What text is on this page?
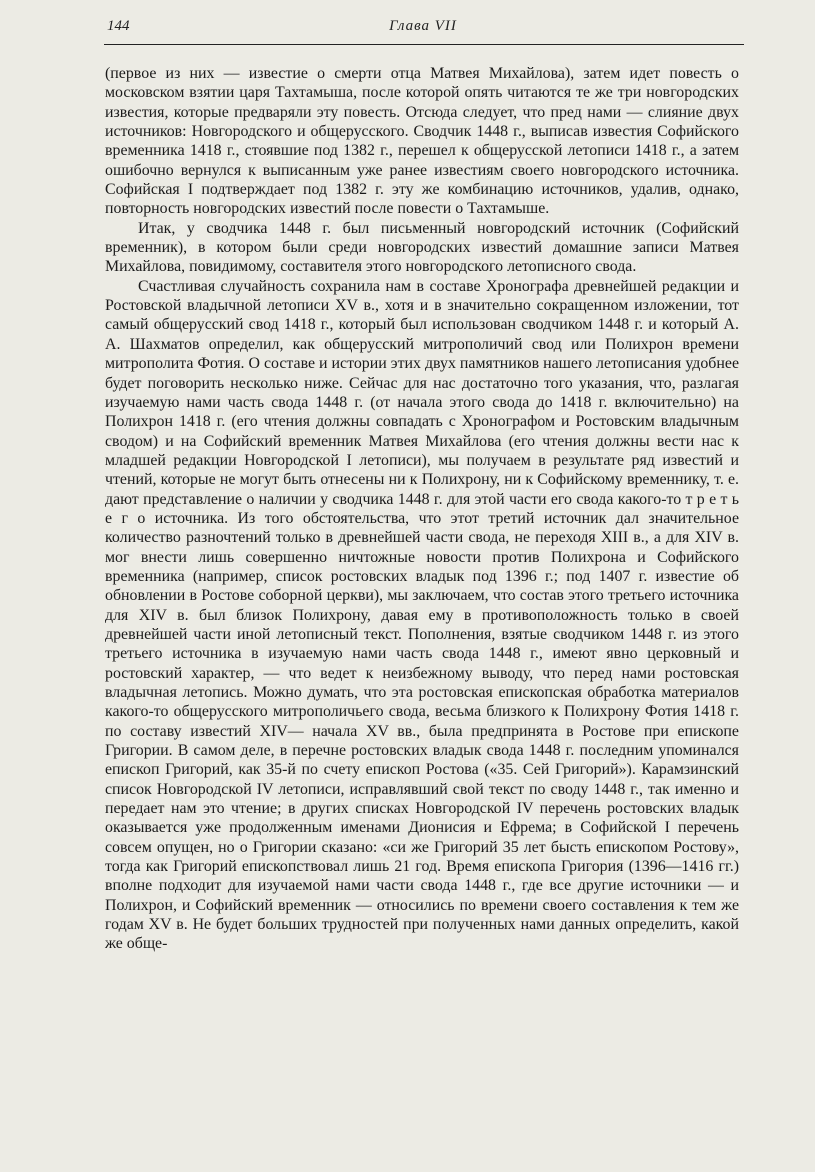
144	Глава VII

(первое из них — известие о смерти отца Матвея Михайлова), затем идет повесть о московском взятии царя Тахтамыша, после которой опять читаются те же три новгородских известия, которые предваряли эту повесть. Отсюда следует, что пред нами — слияние двух источников: Новгородского и общерусского. Сводчик 1448 г., выписав известия Софийского временника 1418 г., стоявшие под 1382 г., перешел к общерусской летописи 1418 г., а затем ошибочно вернулся к выписанным уже ранее известиям своего новгородского источника. Софийская I подтверждает под 1382 г. эту же комбинацию источников, удалив, однако, повторность новгородских известий после повести о Тахтамыше.

Итак, у сводчика 1448 г. был письменный новгородский источник (Софийский временник), в котором были среди новгородских известий домашние записи Матвея Михайлова, повидимому, составителя этого новгородского летописного свода.

Счастливая случайность сохранила нам в составе Хронографа древнейшей редакции и Ростовской владычной летописи XV в., хотя и в значительно сокращенном изложении, тот самый общерусский свод 1418 г., который был использован сводчиком 1448 г. и который А. А. Шахматов определил, как общерусский митрополичий свод или Полихрон времени митрополита Фотия. О составе и истории этих двух памятников нашего летописания удобнее будет поговорить несколько ниже. Сейчас для нас достаточно того указания, что, разлагая изучаемую нами часть свода 1448 г. (от начала этого свода до 1418 г. включительно) на Полихрон 1418 г. (его чтения должны совпадать с Хронографом и Ростовским владычным сводом) и на Софийский временник Матвея Михайлова (его чтения должны вести нас к младшей редакции Новгородской I летописи), мы получаем в результате ряд известий и чтений, которые не могут быть отнесены ни к Полихрону, ни к Софийскому временнику, т. е. дают представление о наличии у сводчика 1448 г. для этой части его свода какого-то т р е т ь е г о источника. Из того обстоятельства, что этот третий источник дал значительное количество разночтений только в древнейшей части свода, не переходя XIII в., а для XIV в. мог внести лишь совершенно ничтожные новости против Полихрона и Софийского временника (например, список ростовских владык под 1396 г.; под 1407 г. известие об обновлении в Ростове соборной церкви), мы заключаем, что состав этого третьего источника для XIV в. был близок Полихрону, давая ему в противоположность только в своей древнейшей части иной летописный текст. Пополнения, взятые сводчиком 1448 г. из этого третьего источника в изучаемую нами часть свода 1448 г., имеют явно церковный и ростовский характер, — что ведет к неизбежному выводу, что перед нами ростовская владычная летопись. Можно думать, что эта ростовская епископская обработка материалов какого-то общерусского митрополичьего свода, весьма близкого к Полихрону Фотия 1418 г. по составу известий XIV— начала XV вв., была предпринята в Ростове при епископе Григории. В самом деле, в перечне ростовских владык свода 1448 г. последним упоминался епископ Григорий, как 35-й по счету епископ Ростова («35. Сей Григорий»). Карамзинский список Новгородской IV летописи, исправлявший свой текст по своду 1448 г., так именно и передает нам это чтение; в других списках Новгородской IV перечень ростовских владык оказывается уже продолженным именами Дионисия и Ефрема; в Софийской I перечень совсем опущен, но о Григории сказано: «си же Григорий 35 лет бысть епископом Ростову», тогда как Григорий епископствовал лишь 21 год. Время епископа Григория (1396—1416 гг.) вполне подходит для изучаемой нами части свода 1448 г., где все другие источники — и Полихрон, и Софийский временник — относились по времени своего составления к тем же годам XV в. Не будет больших трудностей при полученных нами данных определить, какой же обще-
